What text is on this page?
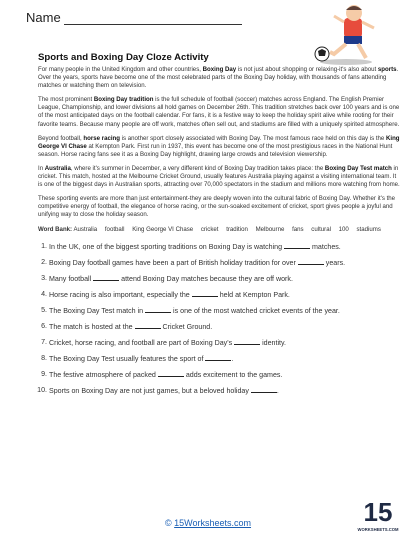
Name
Sports and Boxing Day Cloze Activity

For many people in the United Kingdom and other countries, Boxing Day is not just about shopping or relaxing-it's also about sports. Over the years, sports have become one of the most celebrated parts of the Boxing Day holiday, with thousands of fans attending matches or watching them on television.

The most prominent Boxing Day tradition is the full schedule of football (soccer) matches across England. The English Premier League, Championship, and lower divisions all hold games on December 26th. This tradition stretches back over 100 years and is one of the most anticipated days on the football calendar. For fans, it is a festive way to keep the holiday spirit alive while rooting for their favorite teams. Because many people are off work, matches often sell out, and stadiums are filled with a uniquely spirited atmosphere.

Beyond football, horse racing is another sport closely associated with Boxing Day. The most famous race held on this day is the King George VI Chase at Kempton Park. First run in 1937, this event has become one of the most prestigious races in the National Hunt season. Horse racing fans see it as a Boxing Day highlight, drawing large crowds and television viewership.

In Australia, where it's summer in December, a very different kind of Boxing Day tradition takes place: the Boxing Day Test match in cricket. This match, hosted at the Melbourne Cricket Ground, usually features Australia playing against a visiting international team. It is one of the biggest days in Australian sports, attracting over 70,000 spectators in the stadium and millions more watching from home.

These sporting events are more than just entertainment-they are deeply woven into the cultural fabric of Boxing Day. Whether it's the competitive energy of football, the elegance of horse racing, or the sun-soaked excitement of cricket, sport gives people a joyful and unifying way to close the holiday season.

Word Bank: Australia football King George VI Chase cricket tradition Melbourne fans cultural 100 stadiums
1. In the UK, one of the biggest sporting traditions on Boxing Day is watching	matches.
2. Boxing Day football games have been a part of British holiday tradition for over	years.
3. Many football	attend Boxing Day matches because they are off work.
4. Horse racing is also important, especially the	held at Kempton Park.
5. The Boxing Day Test match in	is one of the most watched cricket events of the year.
6. The match is hosted at the	Cricket Ground.
7. Cricket, horse racing, and football are part of Boxing Day's	identity.
8. The Boxing Day Test usually features the sport of	.
9. The festive atmosphere of packed	adds excitement to the games.
10. Sports on Boxing Day are not just games, but a beloved holiday	.
© 15Worksheets.com	15
WORKSHEETS.COM
